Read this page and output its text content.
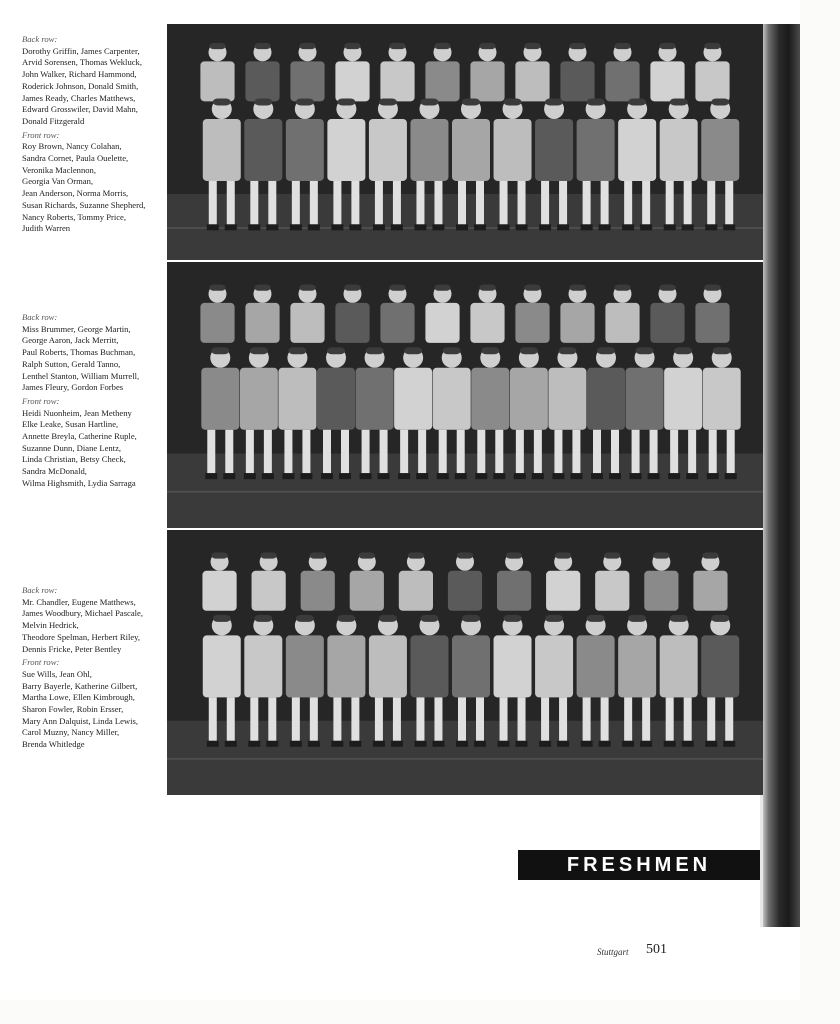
Back row:
Dorothy Griffin, James Carpenter,
Arvid Sorensen, Thomas Wekluck,
John Walker, Richard Hammond,
Roderick Johnson, Donald Smith,
James Ready, Charles Matthews,
Edward Grosswiler, David Mahn,
Donald Fitzgerald
Front row:
Roy Brown, Nancy Colahan,
Sandra Cornet, Paula Ouelette,
Veronika Maclennon,
Georgia Van Orman,
Jean Anderson, Norma Morris,
Susan Richards, Suzanne Shepherd,
Nancy Roberts, Tommy Price,
Judith Warren
Back row:
Miss Brummer, George Martin,
George Aaron, Jack Merritt,
Paul Roberts, Thomas Buchman,
Ralph Sutton, Gerald Tanno,
Lenthel Stanton, William Murrell,
James Fleury, Gordon Forbes
Front row:
Heidi Nuonheim, Jean Metheny
Elke Leake, Susan Hartline,
Annette Breyla, Catherine Ruple,
Suzanne Dunn, Diane Lentz,
Linda Christian, Betsy Check,
Sandra McDonald,
Wilma Highsmith, Lydia Sarraga
Back row:
Mr. Chandler, Eugene Matthews,
James Woodbury, Michael Pascale,
Melvin Hedrick,
Theodore Spelman, Herbert Riley,
Dennis Fricke, Peter Bentley
Front row:
Sue Wills, Jean Ohl,
Barry Bayerle, Katherine Gilbert,
Martha Lowe, Ellen Kimbrough,
Sharon Fowler, Robin Ersser,
Mary Ann Dalquist, Linda Lewis,
Carol Muzny, Nancy Miller,
Brenda Whitledge
FRESHMEN
Stuttgart 501
